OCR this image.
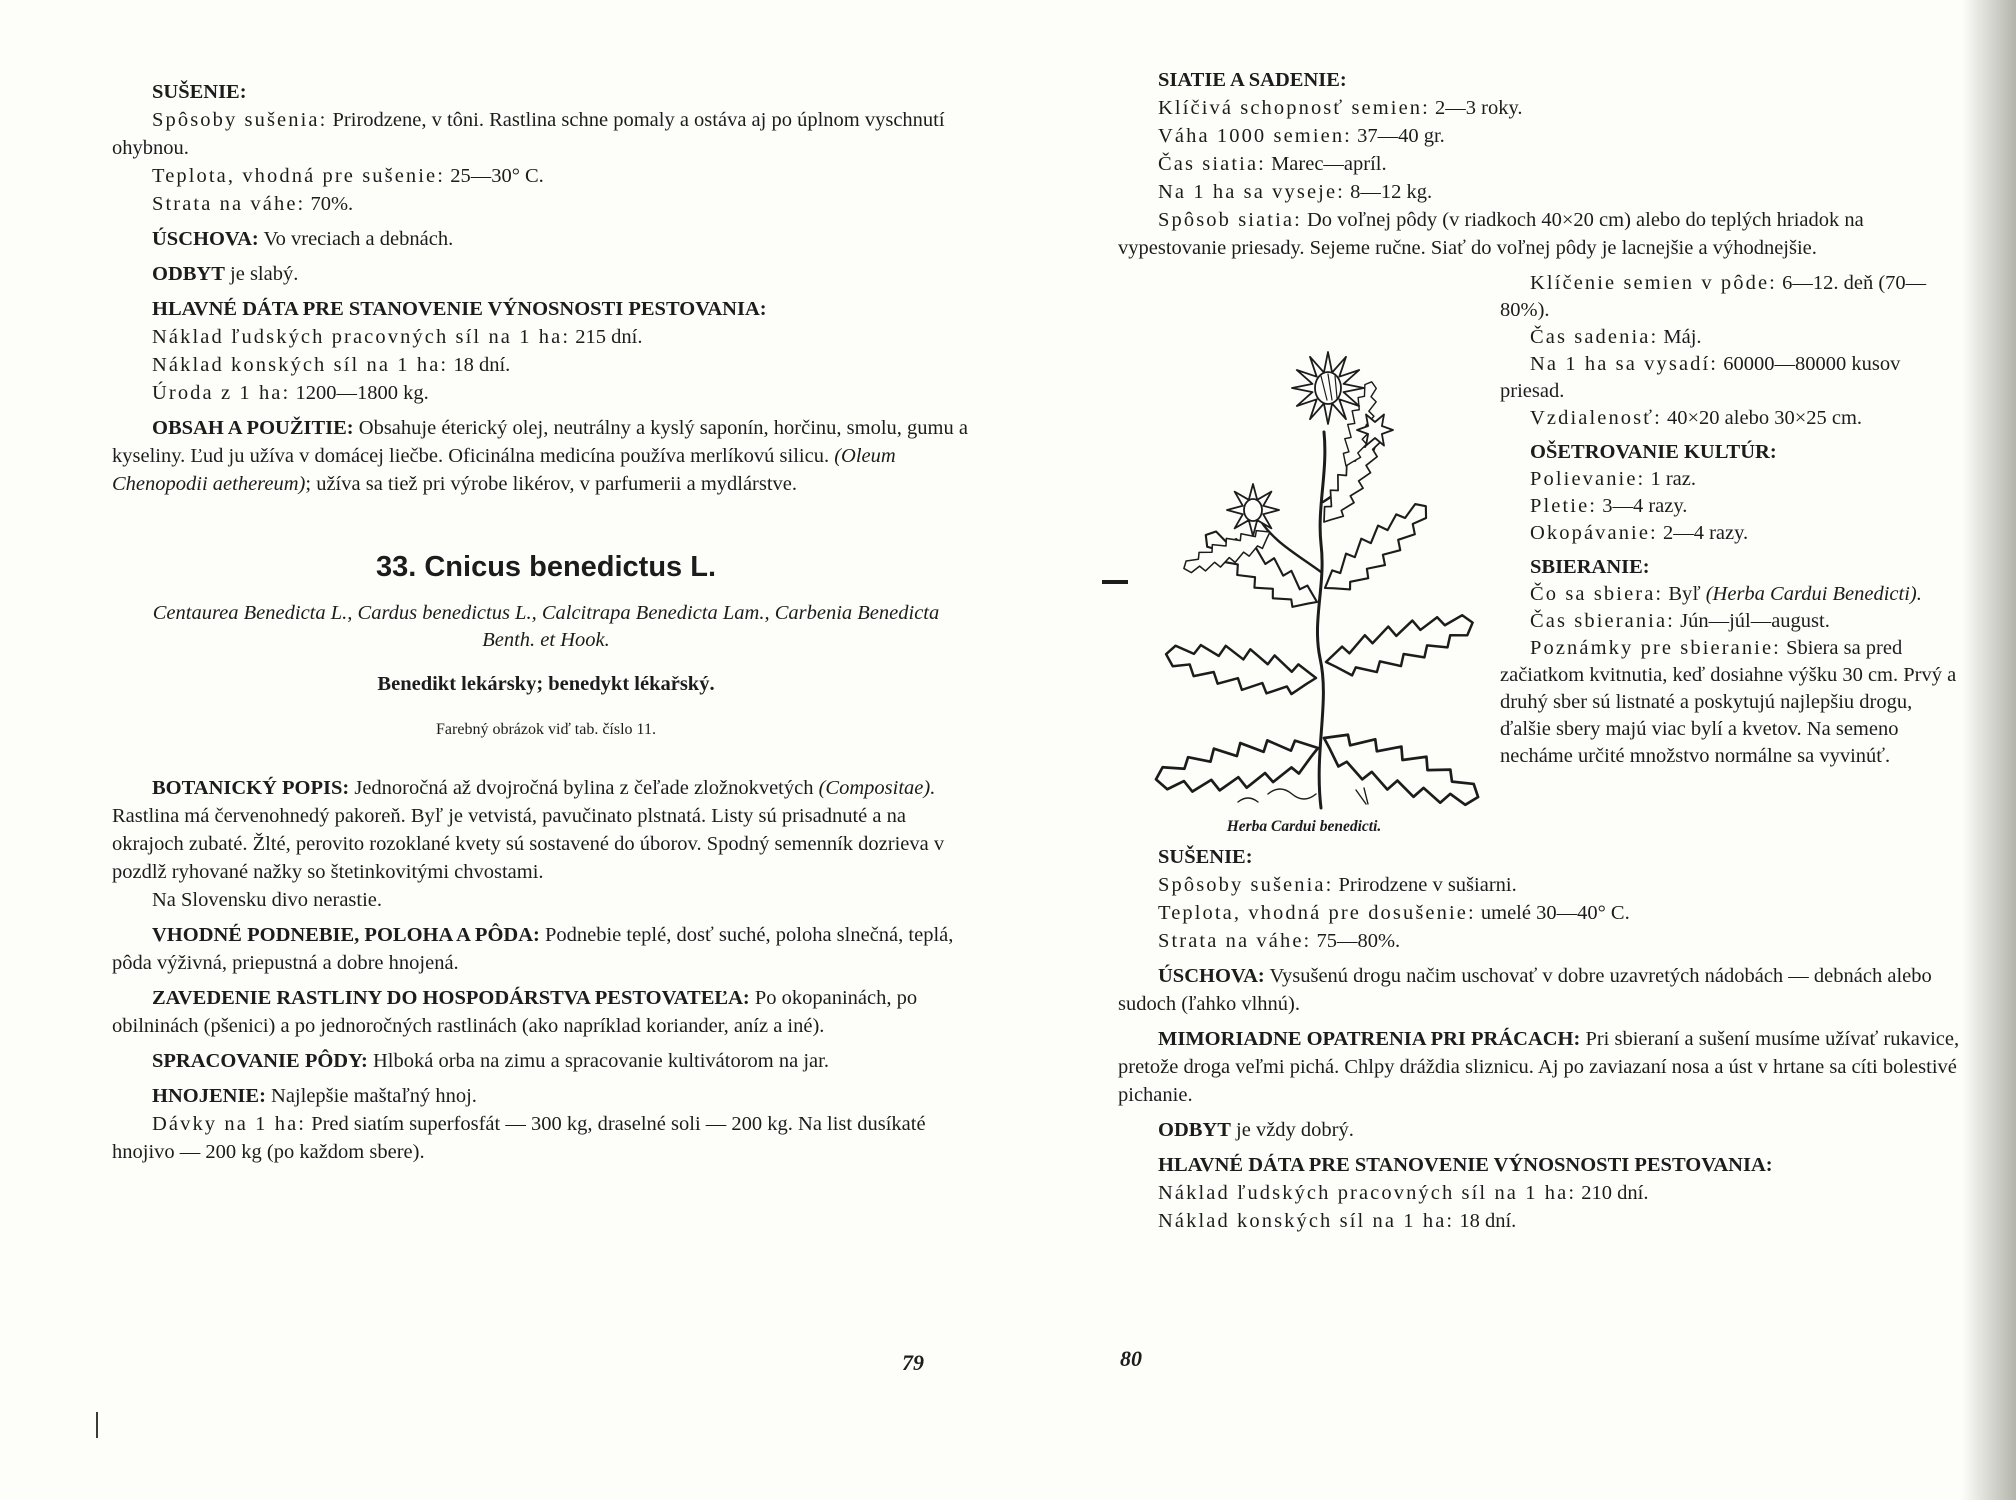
SUŠENIE:

Spôsoby sušenia: Prirodzene, v tôni. Rastlina schne pomaly a ostáva aj po úplnom vyschnutí ohybnou.

Teplota, vhodná pre sušenie: 25—30° C.

Strata na váhe: 70%.

ÚSCHOVA: Vo vreciach a debnách.

ODBYT je slabý.

HLAVNÉ DÁTA PRE STANOVENIE VÝNOSNOSTI PESTOVANIA:

Náklad ľudských pracovných síl na 1 ha: 215 dní.

Náklad konských síl na 1 ha: 18 dní.

Úroda z 1 ha: 1200—1800 kg.

OBSAH A POUŽITIE: Obsahuje éterický olej, neutrálny a kyslý saponín, horčinu, smolu, gumu a kyseliny. Ľud ju užíva v domácej liečbe. Oficinálna medicína používa merlíkovú silicu. (Oleum Chenopodii aethereum); užíva sa tiež pri výrobe likérov, v parfumerii a mydlárstve.

33. Cnicus benedictus L.

Centaurea Benedicta L., Cardus benedictus L., Calcitrapa Benedicta Lam., Carbenia Benedicta Benth. et Hook.

Benedikt lekársky; benedykt lékařský.

Farebný obrázok viď tab. číslo 11.

BOTANICKÝ POPIS: Jednoročná až dvojročná bylina z čeľade zložnokvetých (Compositae). Rastlina má červenohnedý pakoreň. Byľ je vetvistá, pavučinato plstnatá. Listy sú prisadnuté a na okrajoch zubaté. Žlté, perovito rozoklané kvety sú sostavené do úborov. Spodný semenník dozrieva v pozdlž ryhované nažky so štetinkovitými chvostami.

Na Slovensku divo nerastie.

VHODNÉ PODNEBIE, POLOHA A PÔDA: Podnebie teplé, dosť suché, poloha slnečná, teplá, pôda výživná, priepustná a dobre hnojená.

ZAVEDENIE RASTLINY DO HOSPODÁRSTVA PESTOVATEĽA: Po okopaninách, po obilninách (pšenici) a po jednoročných rastlinách (ako napríklad koriander, aníz a iné).

SPRACOVANIE PÔDY: Hlboká orba na zimu a spracovanie kultivátorom na jar.

HNOJENIE: Najlepšie maštaľný hnoj.

Dávky na 1 ha: Pred siatím superfosfát — 300 kg, draselné soli — 200 kg. Na list dusíkaté hnojivo — 200 kg (po každom sbere).

SIATIE A SADENIE:

Klíčivá schopnosť semien: 2—3 roky.

Váha 1000 semien: 37—40 gr.

Čas siatia: Marec—apríl.

Na 1 ha sa vyseje: 8—12 kg.

Spôsob siatia: Do voľnej pôdy (v riadkoch 40×20 cm) alebo do teplých hriadok na vypestovanie priesady. Sejeme ručne. Siať do voľnej pôdy je lacnejšie a výhodnejšie.

Herba Cardui benedicti.

Klíčenie semien v pôde: 6—12. deň (70—80%).

Čas sadenia: Máj.

Na 1 ha sa vysadí: 60000—80000 kusov priesad.

Vzdialenosť: 40×20 alebo 30×25 cm.

OŠETROVANIE KULTÚR:

Polievanie: 1 raz.

Pletie: 3—4 razy.

Okopávanie: 2—4 razy.

SBIERANIE:

Čo sa sbiera: Byľ (Herba Cardui Benedicti).

Čas sbierania: Jún—júl—august.

Poznámky pre sbieranie: Sbiera sa pred začiatkom kvitnutia, keď dosiahne výšku 30 cm. Prvý a druhý sber sú listnaté a poskytujú najlepšiu drogu, ďalšie sbery majú viac bylí a kvetov. Na semeno necháme určité množstvo normálne sa vyvinúť.

SUŠENIE:

Spôsoby sušenia: Prirodzene v sušiarni.

Teplota, vhodná pre dosušenie: umelé 30—40° C.

Strata na váhe: 75—80%.

ÚSCHOVA: Vysušenú drogu načim uschovať v dobre uzavretých nádobách — debnách alebo sudoch (ľahko vlhnú).

MIMORIADNE OPATRENIA PRI PRÁCACH: Pri sbieraní a sušení musíme užívať rukavice, pretože droga veľmi pichá. Chlpy dráždia sliznicu. Aj po zaviazaní nosa a úst v hrtane sa cíti bolestivé pichanie.

ODBYT je vždy dobrý.

HLAVNÉ DÁTA PRE STANOVENIE VÝNOSNOSTI PESTOVANIA:

Náklad ľudských pracovných síl na 1 ha: 210 dní.

Náklad konských síl na 1 ha: 18 dní.

79	80
